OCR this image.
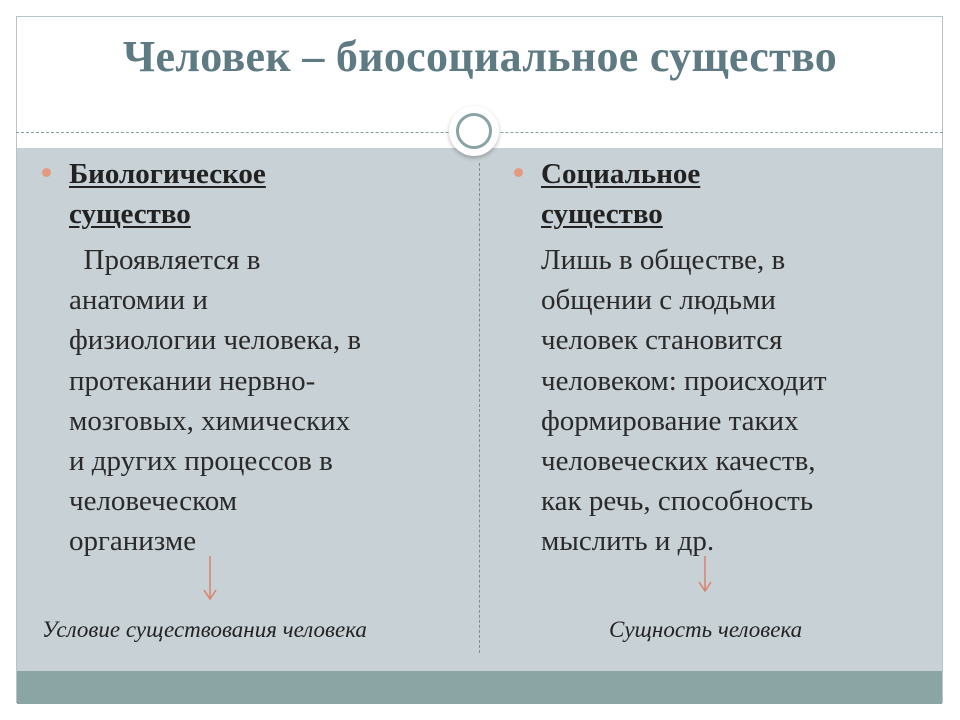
Человек – биосоциальное существо
Биологическое
существо
Проявляется в
анатомии и
физиологии человека, в
протекании нервно-
мозговых, химических
и других процессов в
человеческом
организме
Социальное
существо
Лишь в обществе, в
общении с людьми
человек становится
человеком: происходит
формирование таких
человеческих качеств,
как речь, способность
мыслить и др.
Условие существования человека	Сущность человека
